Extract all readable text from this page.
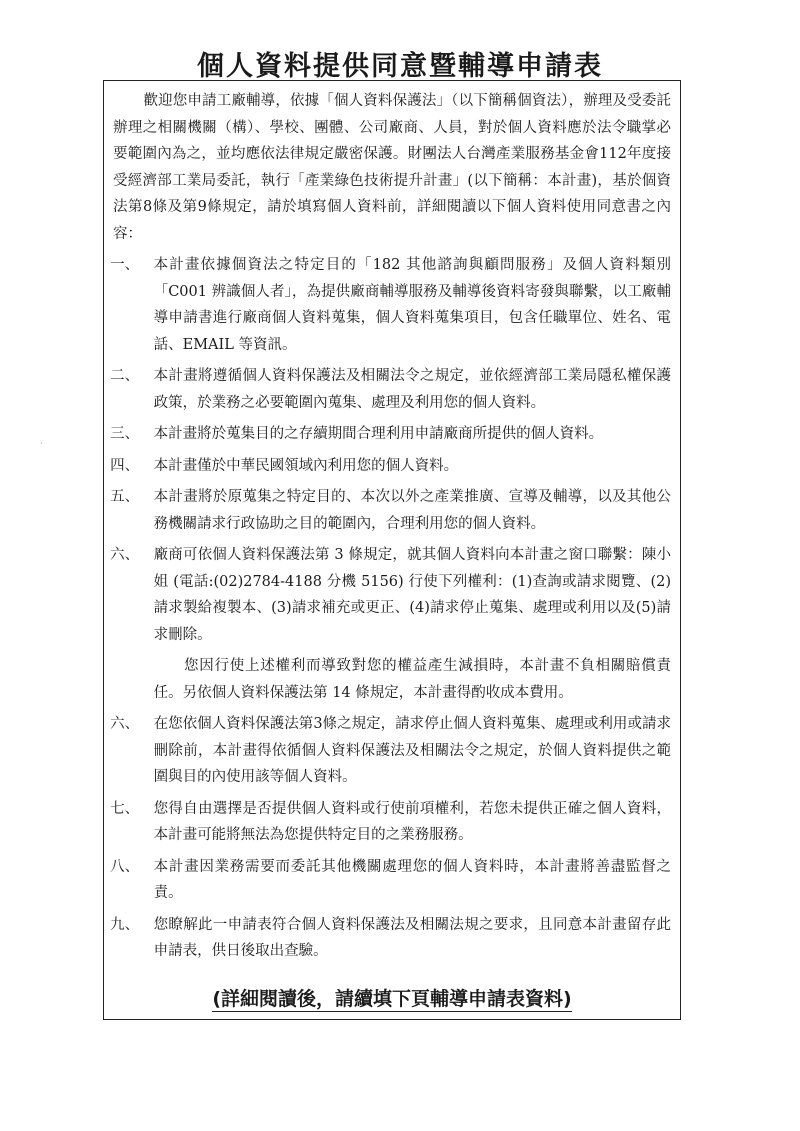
個人資料提供同意暨輔導申請表

歡迎您申請工廠輔導，依據「個人資料保護法」（以下簡稱個資法），辦理及受委託辦理之相關機關（構）、學校、團體、公司廠商、人員，對於個人資料應於法令職掌必要範圍內為之，並均應依法律規定嚴密保護。財團法人台灣產業服務基金會112年度接受經濟部工業局委託，執行「產業綠色技術提升計畫」(以下簡稱：本計畫)，基於個資法第8條及第9條規定，請於填寫個人資料前，詳細閱讀以下個人資料使用同意書之內容：

一、	本計畫依據個資法之特定目的「182 其他諮詢與顧問服務」及個人資料類別「C001 辨識個人者」，為提供廠商輔導服務及輔導後資料寄發與聯繫，以工廠輔導申請書進行廠商個人資料蒐集，個人資料蒐集項目，包含任職單位、姓名、電話、EMAIL 等資訊。
二、	本計畫將遵循個人資料保護法及相關法令之規定，並依經濟部工業局隱私權保護政策，於業務之必要範圍內蒐集、處理及利用您的個人資料。
三、	本計畫將於蒐集目的之存續期間合理利用申請廠商所提供的個人資料。
四、	本計畫僅於中華民國領域內利用您的個人資料。
五、	本計畫將於原蒐集之特定目的、本次以外之產業推廣、宣導及輔導，以及其他公務機關請求行政協助之目的範圍內，合理利用您的個人資料。
六、	廠商可依個人資料保護法第 3 條規定，就其個人資料向本計畫之窗口聯繫：陳小姐 (電話:(02)2784-4188 分機 5156) 行使下列權利：(1)查詢或請求閱覽、(2)請求製給複製本、(3)請求補充或更正、(4)請求停止蒐集、處理或利用以及(5)請求刪除。

您因行使上述權利而導致對您的權益產生減損時，本計畫不負相關賠償責任。另依個人資料保護法第 14 條規定，本計畫得酌收成本費用。

六、	在您依個人資料保護法第3條之規定，請求停止個人資料蒐集、處理或利用或請求刪除前，本計畫得依循個人資料保護法及相關法令之規定，於個人資料提供之範圍與目的內使用該等個人資料。
七、	您得自由選擇是否提供個人資料或行使前項權利，若您未提供正確之個人資料，本計畫可能將無法為您提供特定目的之業務服務。
八、	本計畫因業務需要而委託其他機關處理您的個人資料時，本計畫將善盡監督之責。
九、	您瞭解此一申請表符合個人資料保護法及相關法規之要求，且同意本計畫留存此申請表，供日後取出查驗。
(詳細閱讀後，請續填下頁輔導申請表資料)
·
